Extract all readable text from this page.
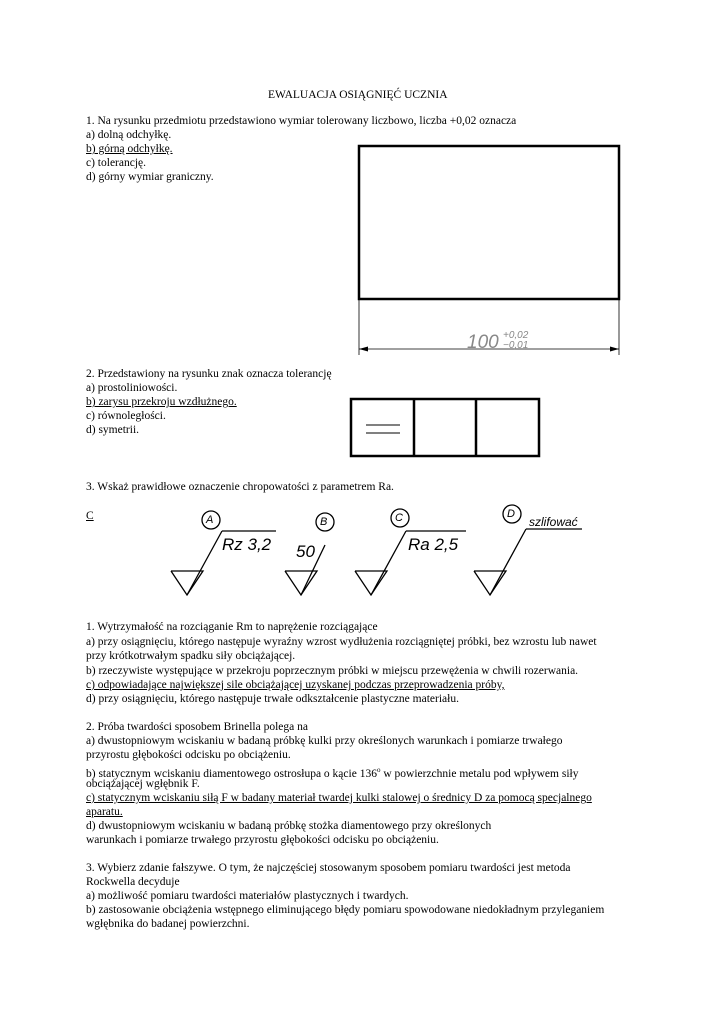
EWALUACJA OSIĄGNIĘĆ UCZNIA
1. Na rysunku przedmiotu przedstawiono wymiar tolerowany liczbowo, liczba +0,02 oznacza
a) dolną odchyłkę.
b) górną odchyłkę.
c) tolerancję.
d) górny wymiar graniczny.
100 +0,02
−0,01
2. Przedstawiony na rysunku znak oznacza tolerancję
a) prostoliniowości.
b) zarysu przekroju wzdłużnego.
c) równoległości.
d) symetrii.
3. Wskaż prawidłowe oznaczenie chropowatości z parametrem Ra.
C	A	B	C	D
Rz 3,2 50	Ra 2,5
szlifować
1. Wytrzymałość na rozciąganie Rm to naprężenie rozciągające
a) przy osiągnięciu, którego następuje wyraźny wzrost wydłużenia rozciągniętej próbki, bez wzrostu lub nawet
przy krótkotrwałym spadku siły obciążającej.
b) rzeczywiste występujące w przekroju poprzecznym próbki w miejscu przewężenia w chwili rozerwania.
c) odpowiadające największej sile obciążającej uzyskanej podczas przeprowadzenia próby,
d) przy osiągnięciu, którego następuje trwałe odkształcenie plastyczne materiału.
2. Próba twardości sposobem Brinella polega na
a) dwustopniowym wciskaniu w badaną próbkę kulki przy określonych warunkach i pomiarze trwałego
przyrostu głębokości odcisku po obciążeniu.
b) statycznym wciskaniu diamentowego ostrosłupa o kącie 136$^o$ w powierzchnie metalu pod wpływem siły
obciążającej wgłębnik F.
c) statycznym wciskaniu siłą F w badany materiał twardej kulki stalowej o średnicy D za pomocą specjalnego
aparatu.
d) dwustopniowym wciskaniu w badaną próbkę stożka diamentowego przy określonych
warunkach i pomiarze trwałego przyrostu głębokości odcisku po obciążeniu.
3. Wybierz zdanie fałszywe. O tym, że najczęściej stosowanym sposobem pomiaru twardości jest metoda
Rockwella decyduje
a) możliwość pomiaru twardości materiałów plastycznych i twardych.
b) zastosowanie obciążenia wstępnego eliminującego błędy pomiaru spowodowane niedokładnym przyleganiem
wgłębnika do badanej powierzchni.
